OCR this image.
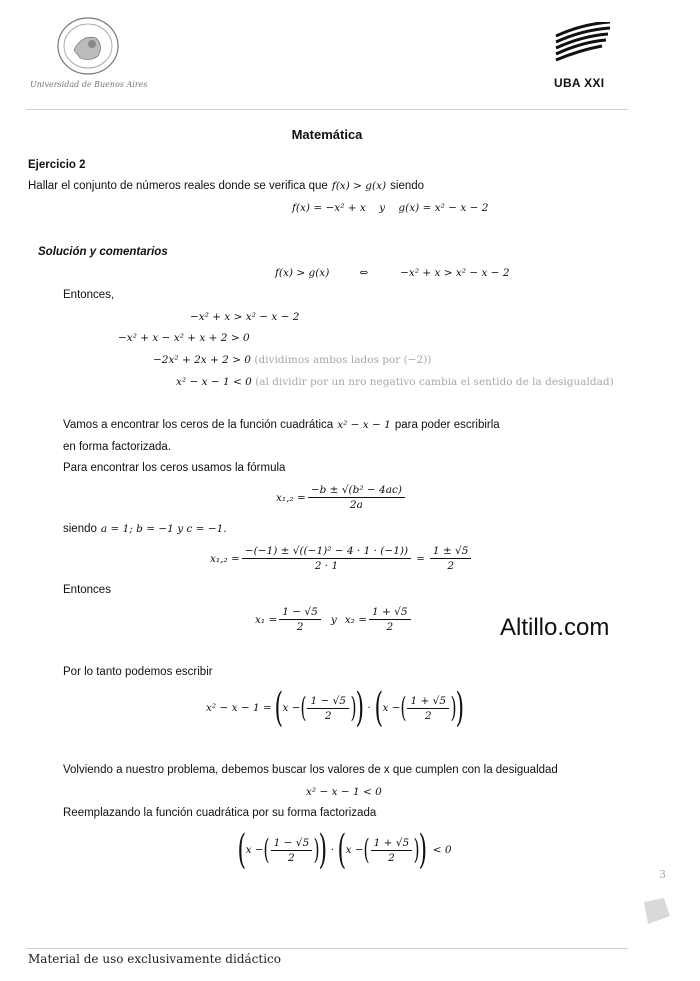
Universidad de Buenos Aires	UBA XXI
Matemática
Ejercicio 2
Hallar el conjunto de números reales donde se verifica que f(x) > g(x) siendo
f(x) = −x² + x    y    g(x) = x² − x − 2
Solución y comentarios
f(x) > g(x)	⇔	−x² + x > x² − x − 2
Entonces,
−x² + x > x² − x − 2
−x² + x − x² + x + 2 > 0
−2x² + 2x + 2 > 0 (dividimos ambos lados por (−2))
x² − x − 1 < 0 (al dividir por un nro negativo cambia el sentido de la desigualdad)
Vamos a encontrar los ceros de la función cuadrática x² − x − 1 para poder escribirla
en forma factorizada.
Para encontrar los ceros usamos la fórmula
$x_1,_2 = \frac{\text{−b ± √(b² − 4ac)}}{2a}$
siendo a = 1; b = −1 y c = −1.
$x_1,_2 = \frac{\text{−(−1) ± √((−1)² − 4 · 1 · (−1))}}{2 \cdot 1} = \frac{1 \pm √5}{2}$
Entonces
$x_1 = \frac{1 - √5}{2}$ y $x_2 = \frac{1 + √5}{2}$	Altillo.com
Por lo tanto podemos escribir
x² − x − 1 = ( x − ( $\frac{1 - √5}{2}$ )
) · ( x − ( $\frac{1 + √5}{2}$ )
)
Volviendo a nuestro problema, debemos buscar los valores de x que cumplen con la desigualdad
x² − x − 1 < 0
Reemplazando la función cuadrática por su forma factorizada
( x − ( $\frac{1 - √5}{2}$ )
) · ( x − ( $\frac{1 + √5}{2}$ )
) < 0
3
Material de uso exclusivamente didáctico
